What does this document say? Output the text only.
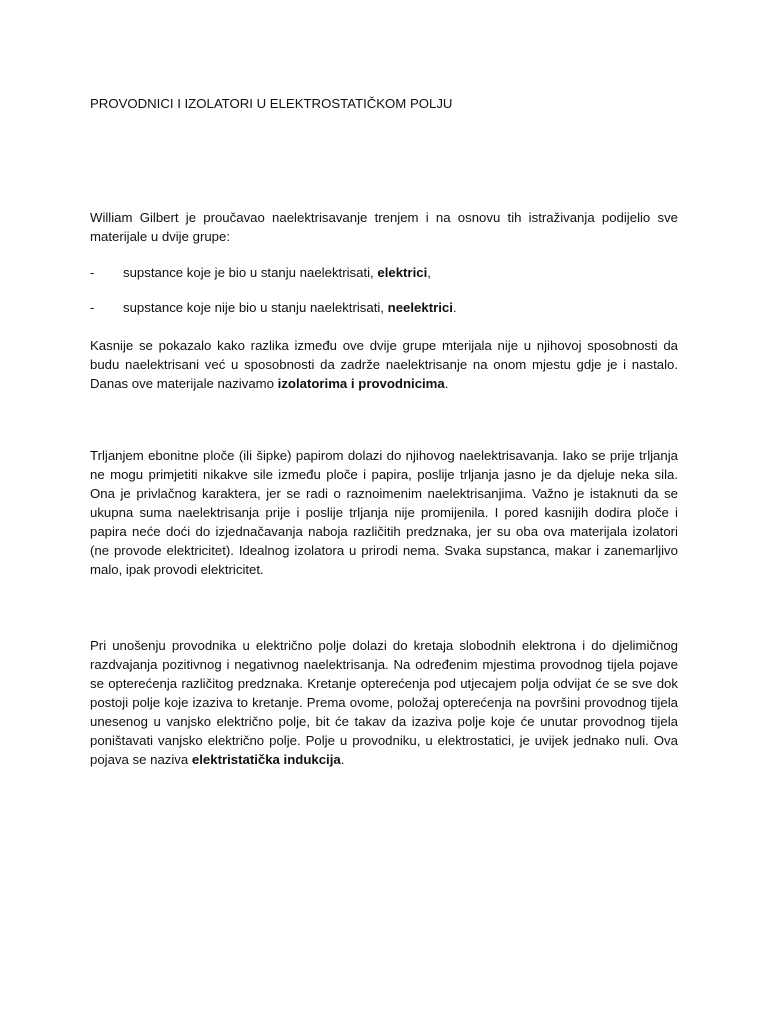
PROVODNICI I IZOLATORI U ELEKTROSTATIČKOM POLJU

William Gilbert je proučavao naelektrisavanje trenjem i na osnovu tih istraživanja podijelio sve materijale u dvije grupe:

- supstance koje je bio u stanju naelektrisati, elektrici,
- supstance koje nije bio u stanju naelektrisati, neelektrici.

Kasnije se pokazalo kako razlika između ove dvije grupe mterijala nije u njihovoj sposobnosti da budu naelektrisani već u sposobnosti da zadrže naelektrisanje na onom mjestu gdje je i nastalo. Danas ove materijale nazivamo izolatorima i provodnicima.

Trljanjem ebonitne ploče (ili šipke) papirom dolazi do njihovog naelektrisavanja. Iako se prije trljanja ne mogu primjetiti nikakve sile između ploče i papira, poslije trljanja jasno je da djeluje neka sila. Ona je privlačnog karaktera, jer se radi o raznoimenim naelektrisanjima. Važno je istaknuti da se ukupna suma naelektrisanja prije i poslije trljanja nije promijenila. I pored kasnijih dodira ploče i papira neće doći do izjednačavanja naboja različitih predznaka, jer su oba ova materijala izolatori (ne provode elektricitet). Idealnog izolatora u prirodi nema. Svaka supstanca, makar i zanemarljivo malo, ipak provodi elektricitet.

Pri unošenju provodnika u električno polje dolazi do kretaja slobodnih elektrona i do djelimičnog razdvajanja pozitivnog i negativnog naelektrisanja. Na određenim mjestima provodnog tijela pojave se opterećenja različitog predznaka. Kretanje opterećenja pod utjecajem polja odvijat će se sve dok postoji polje koje izaziva to kretanje. Prema ovome, položaj opterećenja na površini provodnog tijela unesenog u vanjsko električno polje, bit će takav da izaziva polje koje će unutar provodnog tijela poništavati vanjsko električno polje. Polje u provodniku, u elektrostatici, je uvijek jednako nuli. Ova pojava se naziva elektristatička indukcija.
